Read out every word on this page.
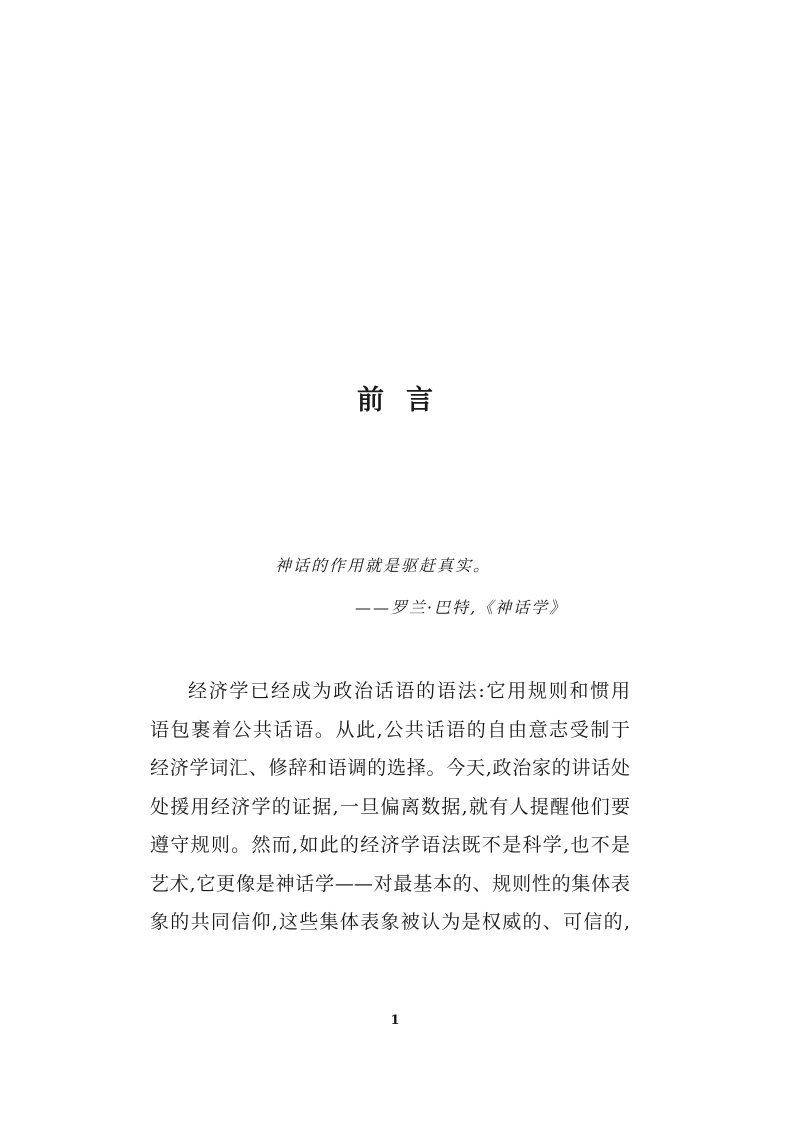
前言

神话的作用就是驱赶真实。

——罗兰·巴特,《神话学》

经济学已经成为政治话语的语法:它用规则和惯用
语包裹着公共话语。从此,公共话语的自由意志受制于
经济学词汇、修辞和语调的选择。今天,政治家的讲话处
处援用经济学的证据,一旦偏离数据,就有人提醒他们要
遵守规则。然而,如此的经济学语法既不是科学,也不是
艺术,它更像是神话学——对最基本的、规则性的集体表
象的共同信仰,这些集体表象被认为是权威的、可信的,

1
